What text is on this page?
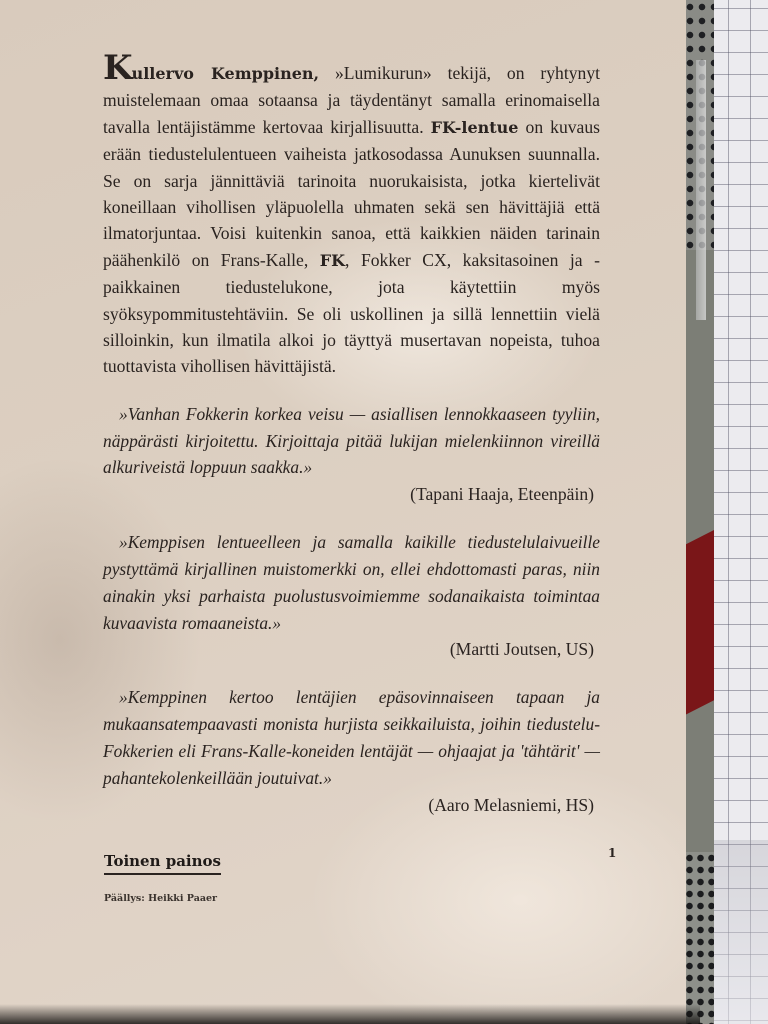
Kullervo Kemppinen, »Lumikurun» tekijä, on ryhtynyt muistelemaan omaa sotaansa ja täydentänyt samalla erinomaisella tavalla lentäjistämme kertovaa kirjallisuutta. FK-lentue on kuvaus erään tiedustelulentueen vaiheista jatkosodassa Aunuksen suunnalla. Se on sarja jännittäviä tarinoita nuorukaisista, jotka kiertelivät koneillaan vihollisen yläpuolella uhmaten sekä sen hävittäjiä että ilmatorjuntaa. Voisi kuitenkin sanoa, että kaikkien näiden tarinain päähenkilö on Frans-Kalle, FK, Fokker CX, kaksitasoinen ja -paikkainen tiedustelukone, jota käytettiin myös syöksypommitustehtäviin. Se oli uskollinen ja sillä lennettiin vielä silloinkin, kun ilmatila alkoi jo täyttyä musertavan nopeista, tuhoa tuottavista vihollisen hävittäjistä.

»Vanhan Fokkerin korkea veisu — asiallisen lennokkaaseen tyyliin, näppärästi kirjoitettu. Kirjoittaja pitää lukijan mielenkiinnon vireillä alkuriveistä loppuun saakka.»

(Tapani Haaja, Eteenpäin)

»Kemppisen lentueelleen ja samalla kaikille tiedustelulaivueille pystyttämä kirjallinen muistomerkki on, ellei ehdottomasti paras, niin ainakin yksi parhaista puolustusvoimiemme sodanaikaista toimintaa kuvaavista romaaneista.»

(Martti Joutsen, US)

»Kemppinen kertoo lentäjien epäsovinnaiseen tapaan ja mukaansatempaavasti monista hurjista seikkailuista, joihin tiedustelu-Fokkerien eli Frans-Kalle-koneiden lentäjät — ohjaajat ja 'tähtärit' — pahantekolenkeillään joutuivat.»

(Aaro Melasniemi, HS)

Toinen painos	1
Päällys: Heikki Paaer
